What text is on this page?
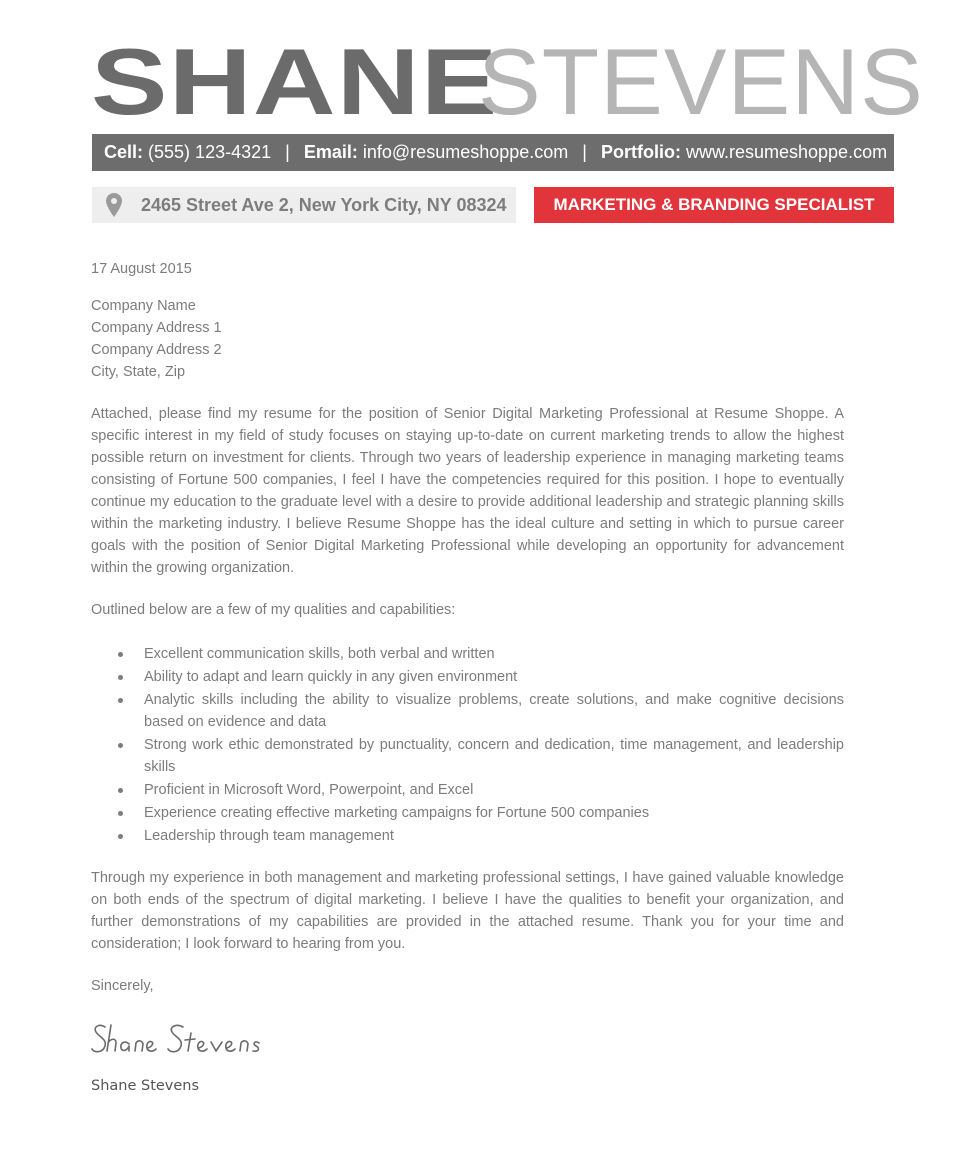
SHANE
STEVENS
Cell: (555) 123-4321 | Email: info@resumeshoppe.com | Portfolio: www.resumeshoppe.com
2465 Street Ave 2, New York City, NY 08324	MARKETING & BRANDING SPECIALIST

17 August 2015

Company Name

Company Address 1

Company Address 2

City, State, Zip

Attached, please find my resume for the position of Senior Digital Marketing Professional at Resume Shoppe. A specific interest in my field of study focuses on staying up-to-date on current marketing trends to allow the highest possible return on investment for clients. Through two years of leadership experience in managing marketing teams consisting of Fortune 500 companies, I feel I have the competencies required for this position. I hope to eventually continue my education to the graduate level with a desire to provide additional leadership and strategic planning skills within the marketing industry. I believe Resume Shoppe has the ideal culture and setting in which to pursue career goals with the position of Senior Digital Marketing Professional while developing an opportunity for advancement within the growing organization.

Outlined below are a few of my qualities and capabilities:

Excellent communication skills, both verbal and written
Ability to adapt and learn quickly in any given environment
Analytic skills including the ability to visualize problems, create solutions, and make cognitive decisions based on evidence and data
Strong work ethic demonstrated by punctuality, concern and dedication, time management, and leadership skills
Proficient in Microsoft Word, Powerpoint, and Excel
Experience creating effective marketing campaigns for Fortune 500 companies
Leadership through team management

Through my experience in both management and marketing professional settings, I have gained valuable knowledge on both ends of the spectrum of digital marketing. I believe I have the qualities to benefit your organization, and further demonstrations of my capabilities are provided in the attached resume. Thank you for your time and consideration; I look forward to hearing from you.

Sincerely,

Shane Stevens
